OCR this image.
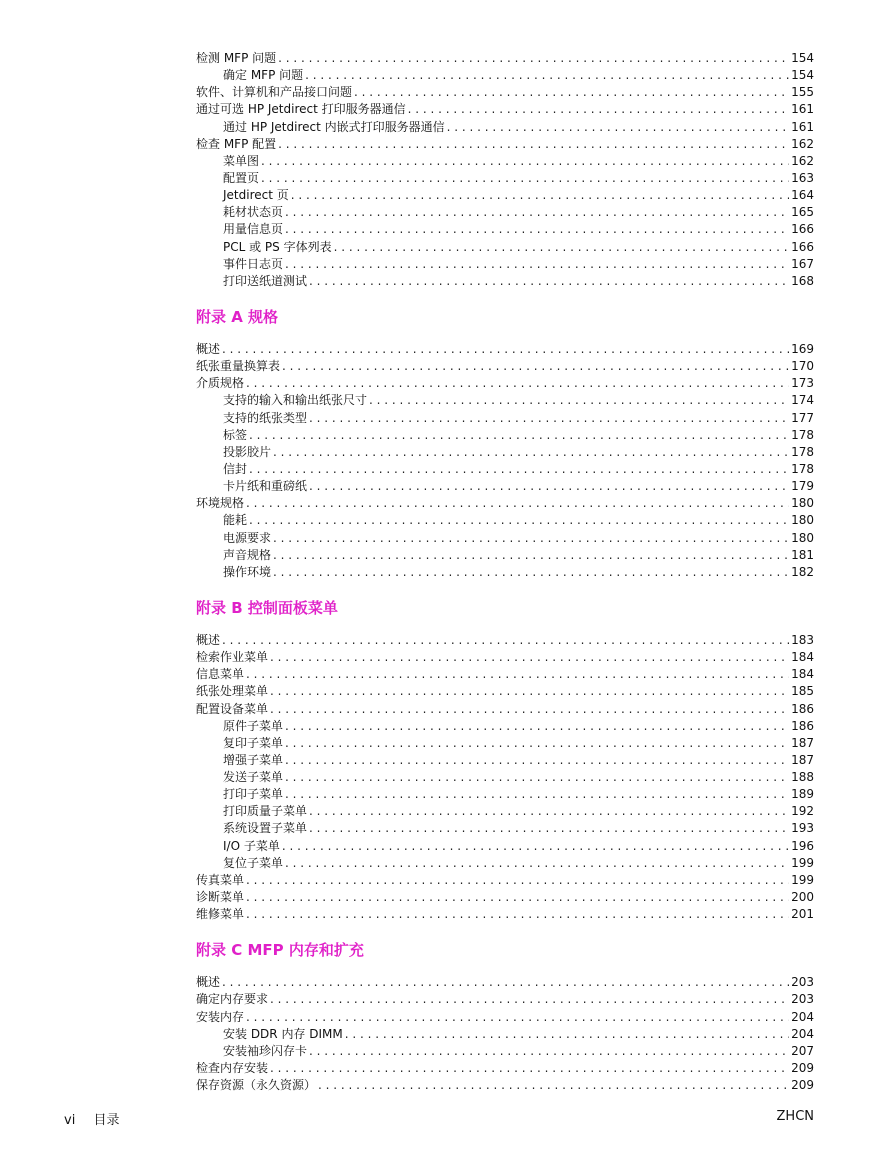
检测 MFP 问题 . . .	154
确定 MFP 问题 . . .	154
软件、计算机和产品接口问题 . . .	155
通过可选 HP Jetdirect 打印服务器通信 . . .	161
通过 HP Jetdirect 内嵌式打印服务器通信 . . .	161
检查 MFP 配置 . . .	162
菜单图 . . .	162
配置页 . . .	163
Jetdirect 页 . . .	164
耗材状态页 . . .	165
用量信息页 . . .	166
PCL 或 PS 字体列表 . . .	166
事件日志页 . . .	167
打印送纸道测试 . . .	168
附录 A 规格
概述 . . .	169
纸张重量换算表 . . .	170
介质规格 . . .	173
支持的输入和输出纸张尺寸 . . .	174
支持的纸张类型 . . .	177
标签 . . .	178
投影胶片 . . .	178
信封 . . .	178
卡片纸和重磅纸 . . .	179
环境规格 . . .	180
能耗 . . .	180
电源要求 . . .	180
声音规格 . . .	181
操作环境 . . .	182
附录 B 控制面板菜单
概述 . . .	183
检索作业菜单 . . .	184
信息菜单 . . .	184
纸张处理菜单 . . .	185
配置设备菜单 . . .	186
原件子菜单 . . .	186
复印子菜单 . . .	187
增强子菜单 . . .	187
发送子菜单 . . .	188
打印子菜单 . . .	189
打印质量子菜单 . . .	192
系统设置子菜单 . . .	193
I/O 子菜单 . . .	196
复位子菜单 . . .	199
传真菜单 . . .	199
诊断菜单 . . .	200
维修菜单 . . .	201
附录 C MFP 内存和扩充
概述 . . .	203
确定内存要求 . . .	203
安装内存 . . .	204
安装 DDR 内存 DIMM . . .	204
安装袖珍闪存卡 . . .	207
检查内存安装 . . .	209
保存资源（永久资源） . . .	209
vi 目录	ZHCN
